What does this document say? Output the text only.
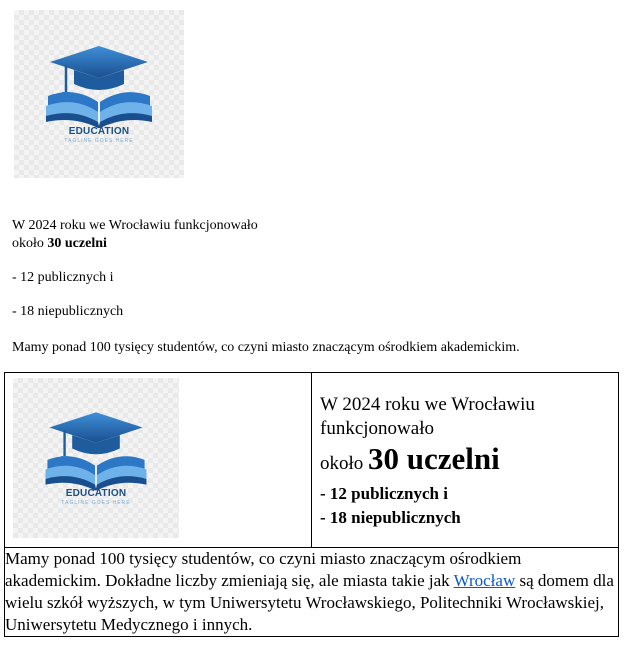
EDUCATION
TAGLINE GOES HERE
W 2024 roku we Wrocławiu funkcjonowało
około 30 uczelni
- 12 publicznych i
- 18 niepublicznych
Mamy ponad 100 tysięcy studentów, co czyni miasto znaczącym ośrodkiem akademickim.

W 2024 roku we Wrocławiu
funkcjonowało
około 30 uczelni
- 12 publicznych i
- 18 niepublicznych

Mamy ponad 100 tysięcy studentów, co czyni miasto znaczącym ośrodkiem akademickim. Dokładne liczby zmieniają się, ale miasta takie jak Wrocław są domem dla wielu szkół wyższych, w tym Uniwersytetu Wrocławskiego, Politechniki Wrocławskiej, Uniwersytetu Medycznego i innych.
EDUCATION
TAGLINE GOES HERE
